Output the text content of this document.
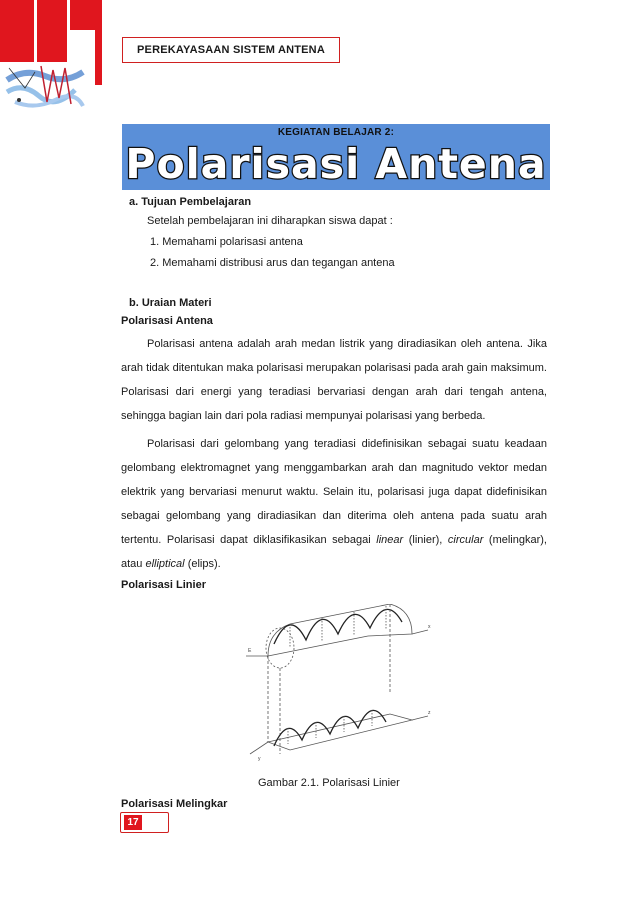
PEREKAYASAAN SISTEM ANTENA
KEGIATAN BELAJAR 2:
Polarisasi Antena
a. Tujuan Pembelajaran
Setelah pembelajaran ini diharapkan siswa dapat :
1. Memahami polarisasi antena
2. Memahami distribusi arus dan tegangan antena
b. Uraian Materi
Polarisasi Antena
Polarisasi antena adalah arah medan listrik yang diradiasikan oleh antena. Jika arah tidak ditentukan maka polarisasi merupakan polarisasi pada arah gain maksimum. Polarisasi dari energi yang teradiasi bervariasi dengan arah dari tengah antena, sehingga bagian lain dari pola radiasi mempunyai polarisasi yang berbeda.
Polarisasi dari gelombang yang teradiasi didefinisikan sebagai suatu keadaan gelombang elektromagnet yang menggambarkan arah dan magnitudo vektor medan elektrik yang bervariasi menurut waktu. Selain itu, polarisasi juga dapat didefinisikan sebagai gelombang yang diradiasikan dan diterima oleh antena pada suatu arah tertentu. Polarisasi dapat diklasifikasikan sebagai linear (linier), circular (melingkar), atau elliptical (elips).
Polarisasi Linier
E
x
z
y
Gambar 2.1. Polarisasi Linier
Polarisasi Melingkar
17
